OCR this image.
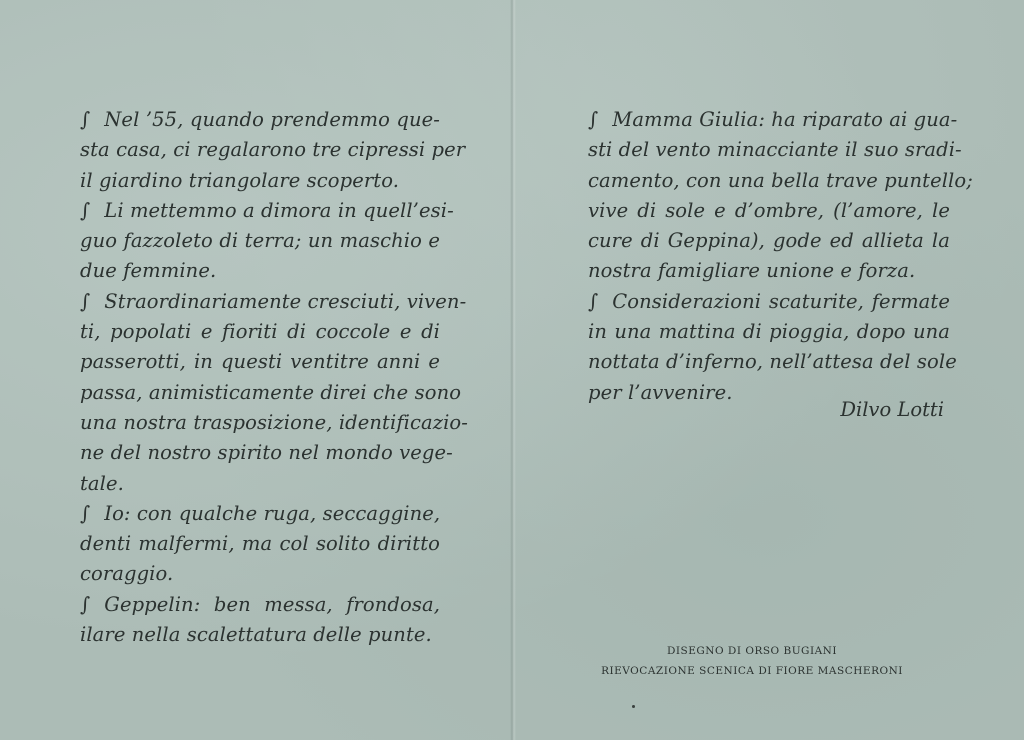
∫ Nel ’55, quando prendemmo que-
sta casa, ci regalarono tre cipressi per
il giardino triangolare scoperto.
∫ Li mettemmo a dimora in quell’esi-
guo fazzoleto di terra; un maschio e
due femmine.
∫ Straordinariamente cresciuti, viven-
ti, popolati e fioriti di coccole e di
passerotti, in questi ventitre anni e
passa, animisticamente direi che sono
una nostra trasposizione, identificazio-
ne del nostro spirito nel mondo vege-
tale.
∫ Io: con qualche ruga, seccaggine,
denti malfermi, ma col solito diritto
coraggio.
∫ Geppelin: ben messa, frondosa,
ilare nella scalettatura delle punte.
∫ Mamma Giulia: ha riparato ai gua-
sti del vento minacciante il suo sradi-
camento, con una bella trave puntello;
vive di sole e d’ombre, (l’amore, le
cure di Geppina), gode ed allieta la
nostra famigliare unione e forza.
∫ Considerazioni scaturite, fermate
in una mattina di pioggia, dopo una
nottata d’inferno, nell’attesa del sole
per l’avvenire.
Dilvo Lotti
DISEGNO DI ORSO BUGIANI
RIEVOCAZIONE SCENICA DI FIORE MASCHERONI
